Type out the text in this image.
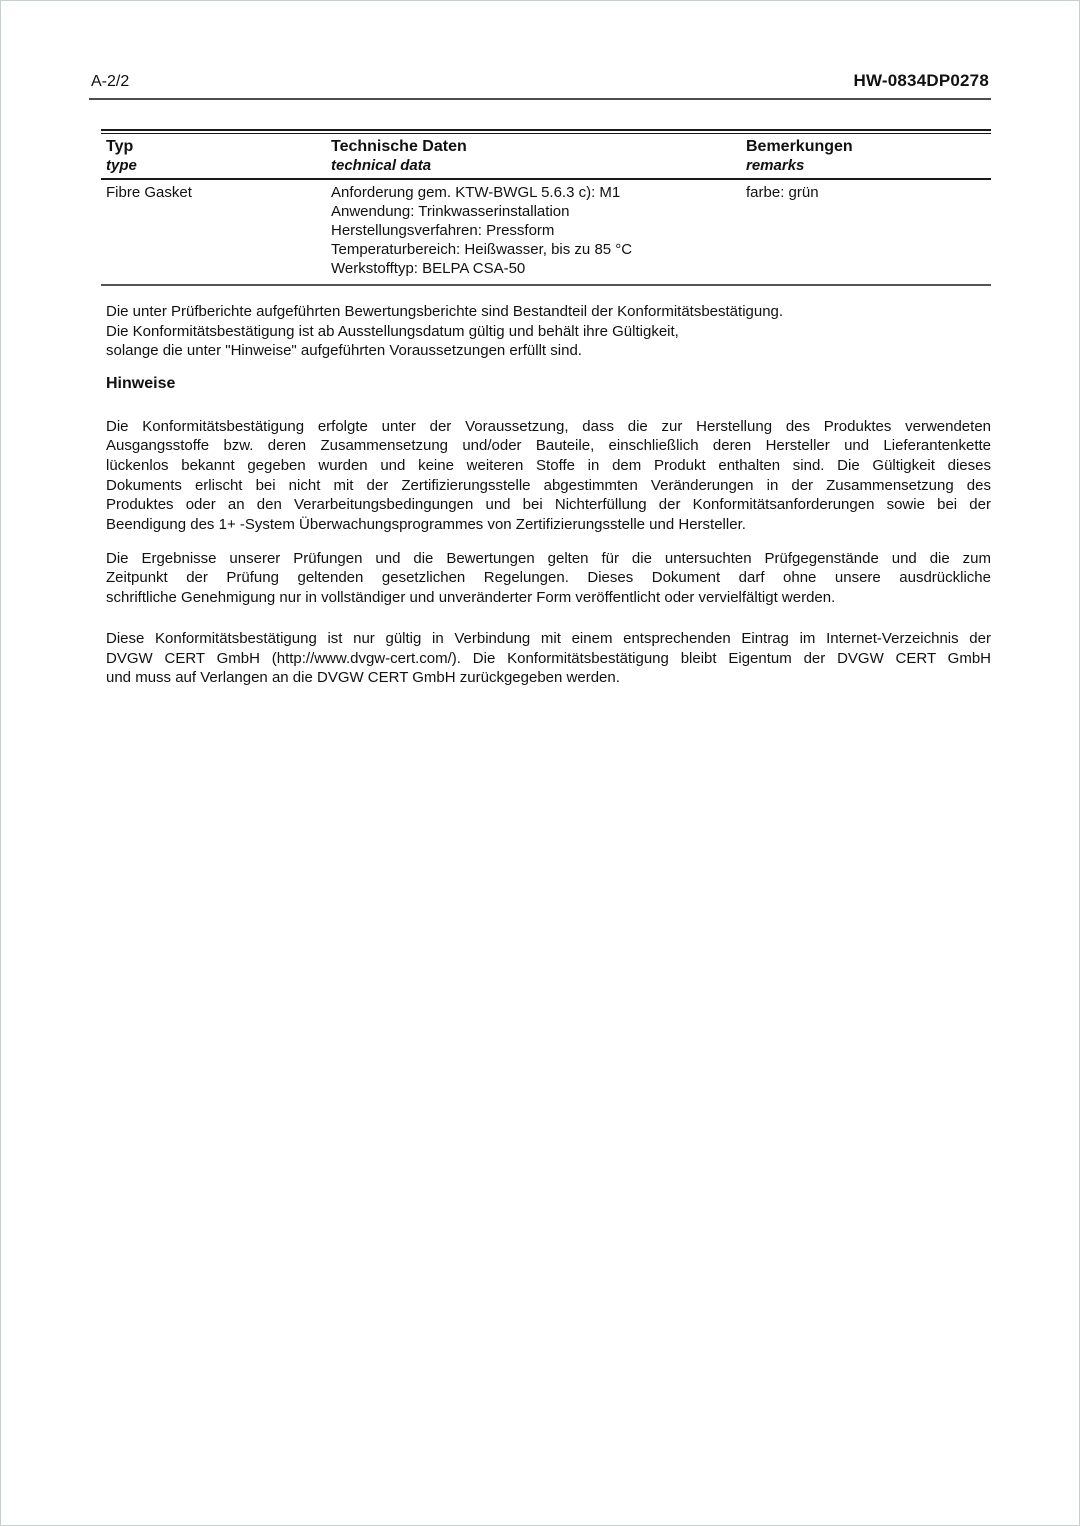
A-2/2	HW-0834DP0278
Typ
type
Technische Daten
technical data
Bemerkungen
remarks
Fibre Gasket	Anforderung gem. KTW-BWGL 5.6.3 c): M1
Anwendung: Trinkwasserinstallation
Herstellungsverfahren: Pressform
Temperaturbereich: Heißwasser, bis zu 85 °C
Werkstofftyp: BELPA CSA-50
farbe: grün
Die unter Prüfberichte aufgeführten Bewertungsberichte sind Bestandteil der Konformitätsbestätigung.
Die Konformitätsbestätigung ist ab Ausstellungsdatum gültig und behält ihre Gültigkeit,
solange die unter "Hinweise" aufgeführten Voraussetzungen erfüllt sind.
Hinweise
Die Konformitätsbestätigung erfolgte unter der Voraussetzung, dass die zur Herstellung des Produktes verwendeten
Ausgangsstoffe bzw. deren Zusammensetzung und/oder Bauteile, einschließlich deren Hersteller und Lieferantenkette
lückenlos bekannt gegeben wurden und keine weiteren Stoffe in dem Produkt enthalten sind. Die Gültigkeit dieses
Dokuments erlischt bei nicht mit der Zertifizierungsstelle abgestimmten Veränderungen in der Zusammensetzung des
Produktes oder an den Verarbeitungsbedingungen und bei Nichterfüllung der Konformitätsanforderungen sowie bei der
Beendigung des 1+ -System Überwachungsprogrammes von Zertifizierungsstelle und Hersteller.
Die Ergebnisse unserer Prüfungen und die Bewertungen gelten für die untersuchten Prüfgegenstände und die zum
Zeitpunkt der Prüfung geltenden gesetzlichen Regelungen. Dieses Dokument darf ohne unsere ausdrückliche
schriftliche Genehmigung nur in vollständiger und unveränderter Form veröffentlicht oder vervielfältigt werden.
Diese Konformitätsbestätigung ist nur gültig in Verbindung mit einem entsprechenden Eintrag im Internet-Verzeichnis der
DVGW CERT GmbH (http://www.dvgw-cert.com/). Die Konformitätsbestätigung bleibt Eigentum der DVGW CERT GmbH
und muss auf Verlangen an die DVGW CERT GmbH zurückgegeben werden.
